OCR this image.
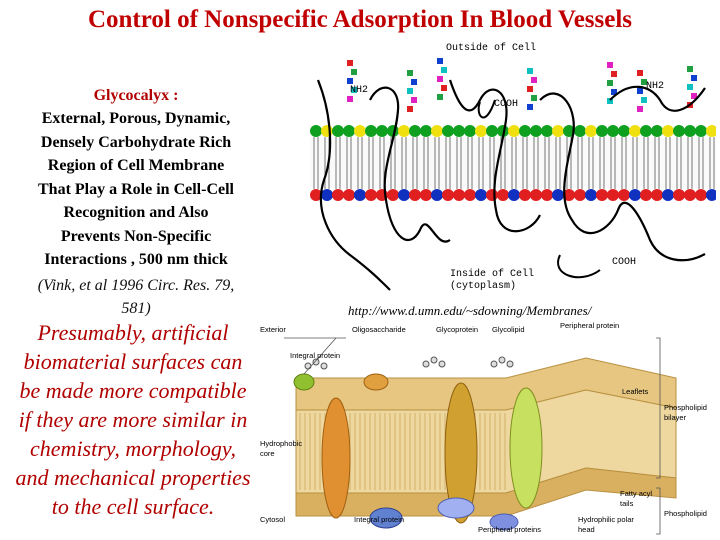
Control of Nonspecific Adsorption In Blood Vessels
Glycocalyx :
External, Porous, Dynamic,
Densely Carbohydrate Rich
Region of Cell Membrane
That Play a Role in Cell-Cell
Recognition and Also
Prevents Non-Specific
Interactions , 500 nm thick
(Vink, et al 1996 Circ. Res. 79,
581)
Presumably, artificial
biomaterial surfaces can
be made more compatible
if they are more similar in
chemistry, morphology,
and mechanical properties
to the cell surface.
http://www.d.umn.edu/~sdowning/Membranes/
Outside of Cell
NH2	NH2
COOH
COOH
Inside of Cell
(cytoplasm)
Exterior	Oligosaccharide	Glycoprotein Glycolipid	Peripheral protein
Integral protein
Leaflets
Phospholipid
bilayer
Hydrophobic
core
Fatty acyl
tails
Phospholipid
Hydrophilic polar
head
Cytosol	Integral protein
Peripheral proteins
